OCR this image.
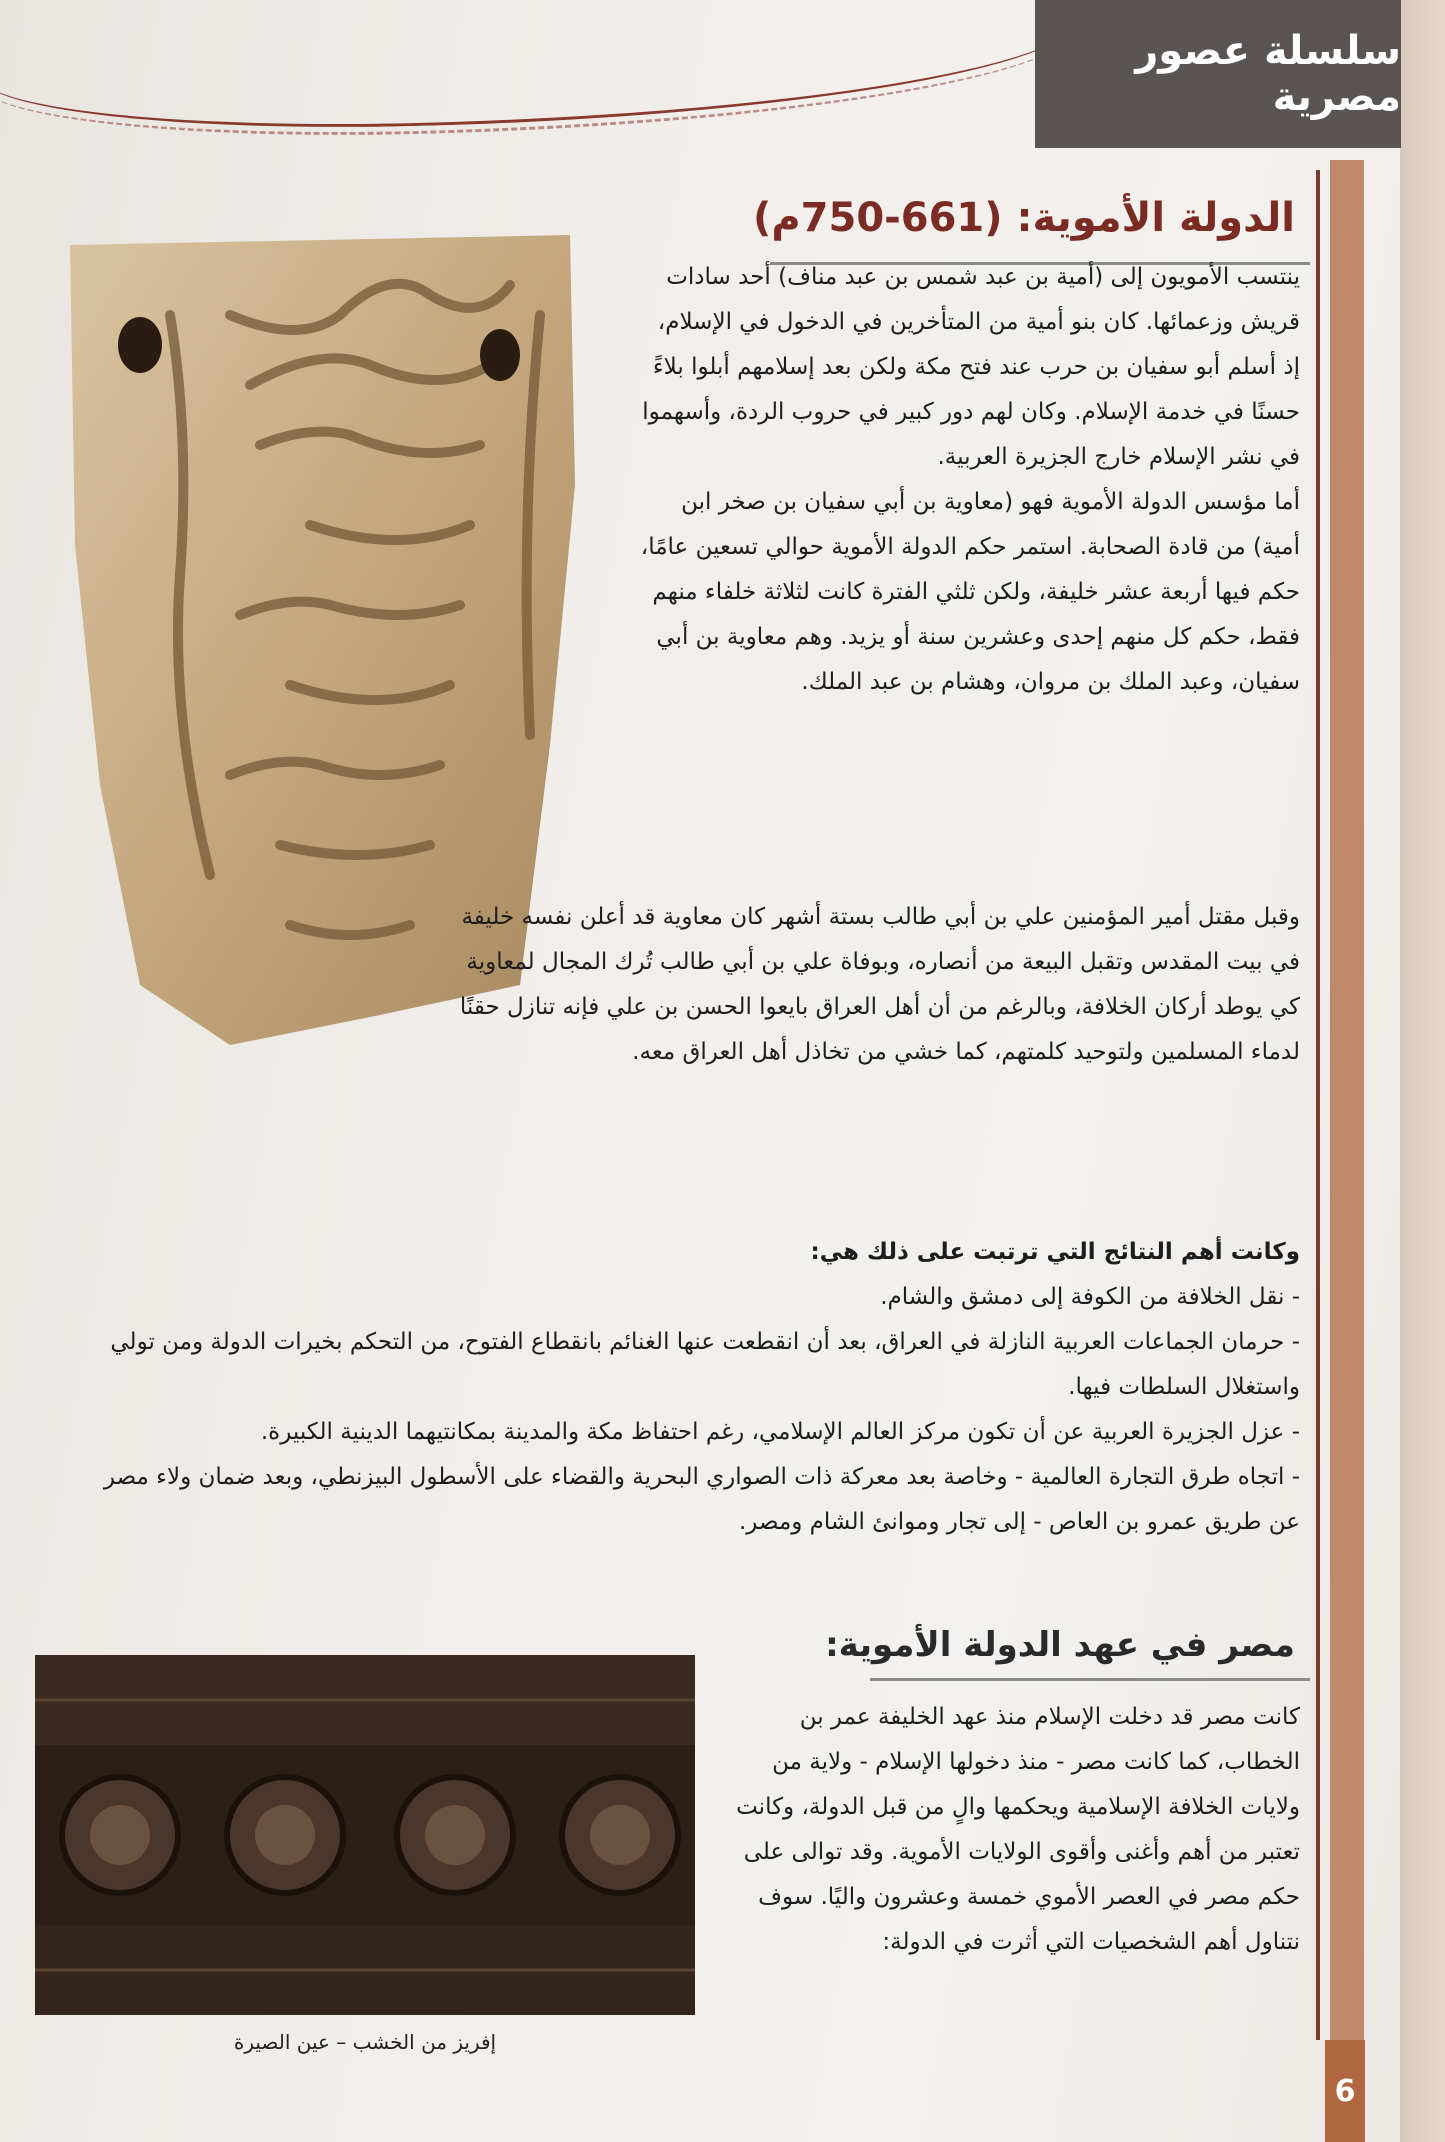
سلسلة عصور مصرية
الدولة الأموية: (661-750م)

ينتسب الأمويون إلى (أمية بن عبد شمس بن عبد مناف) أحد سادات قريش وزعمائها. كان بنو أمية من المتأخرين في الدخول في الإسلام، إذ أسلم أبو سفيان بن حرب عند فتح مكة ولكن بعد إسلامهم أبلوا بلاءً حسنًا في خدمة الإسلام. وكان لهم دور كبير في حروب الردة، وأسهموا في نشر الإسلام خارج الجزيرة العربية.

أما مؤسس الدولة الأموية فهو (معاوية بن أبي سفيان بن صخر ابن أمية) من قادة الصحابة. استمر حكم الدولة الأموية حوالي تسعين عامًا، حكم فيها أربعة عشر خليفة، ولكن ثلثي الفترة كانت لثلاثة خلفاء منهم فقط، حكم كل منهم إحدى وعشرين سنة أو يزيد. وهم معاوية بن أبي سفيان، وعبد الملك بن مروان، وهشام بن عبد الملك.

وقبل مقتل أمير المؤمنين علي بن أبي طالب بستة أشهر كان معاوية قد أعلن نفسه خليفة في بيت المقدس وتقبل البيعة من أنصاره، وبوفاة علي بن أبي طالب تُرك المجال لمعاوية كي يوطد أركان الخلافة، وبالرغم من أن أهل العراق بايعوا الحسن بن علي فإنه تنازل حقنًا لدماء المسلمين ولتوحيد كلمتهم، كما خشي من تخاذل أهل العراق معه.

وكانت أهم النتائج التي ترتبت على ذلك هي:

- نقل الخلافة من الكوفة إلى دمشق والشام.

- حرمان الجماعات العربية النازلة في العراق، بعد أن انقطعت عنها الغنائم بانقطاع الفتوح، من التحكم بخيرات الدولة ومن تولي واستغلال السلطات فيها.

- عزل الجزيرة العربية عن أن تكون مركز العالم الإسلامي، رغم احتفاظ مكة والمدينة بمكانتيهما الدينية الكبيرة.

- اتجاه طرق التجارة العالمية - وخاصة بعد معركة ذات الصواري البحرية والقضاء على الأسطول البيزنطي، وبعد ضمان ولاء مصر عن طريق عمرو بن العاص - إلى تجار وموانئ الشام ومصر.

مصر في عهد الدولة الأموية:
كانت مصر قد دخلت الإسلام منذ عهد الخليفة عمر بن الخطاب، كما كانت مصر - منذ دخولها الإسلام - ولاية من ولايات الخلافة الإسلامية ويحكمها والٍ من قبل الدولة، وكانت تعتبر من أهم وأغنى وأقوى الولايات الأموية. وقد توالى على حكم مصر في العصر الأموي خمسة وعشرون واليًا. سوف نتناول أهم الشخصيات التي أثرت في الدولة:
إفريز من الخشب – عين الصيرة
6
